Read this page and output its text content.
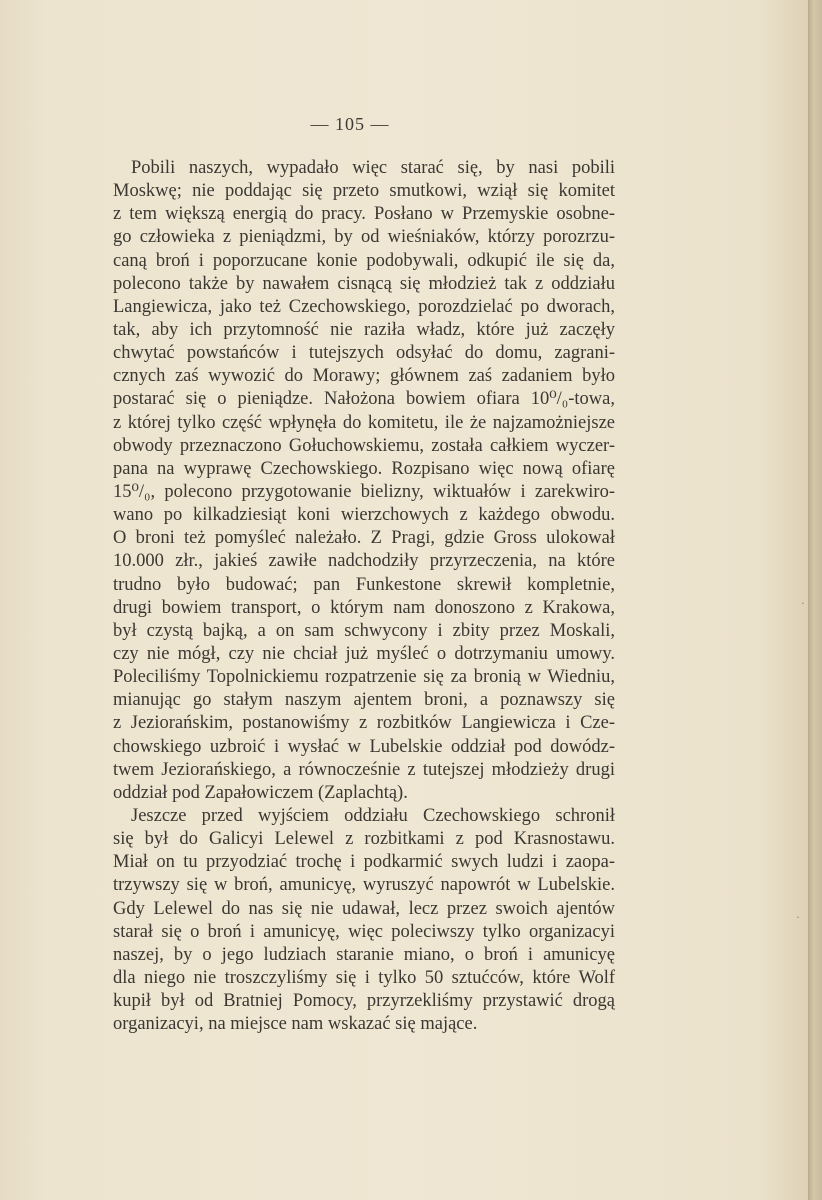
— 105 —
Pobili naszych, wypadało więc starać się, by nasi pobili
Moskwę; nie poddając się przeto smutkowi, wziął się komitet
z tem większą energią do pracy. Posłano w Przemyskie osobne-
go człowieka z pieniądzmi, by od wieśniaków, którzy porozrzu-
caną broń i poporzucane konie podobywali, odkupić ile się da,
polecono także by nawałem cisnącą się młodzież tak z oddziału
Langiewicza, jako też Czechowskiego, porozdzielać po dworach,
tak, aby ich przytomność nie raziła władz, które już zaczęły
chwytać powstańców i tutejszych odsyłać do domu, zagrani-
cznych zaś wywozić do Morawy; głównem zaś zadaniem było
postarać się o pieniądze. Nałożona bowiem ofiara 10⁰/₀-towa,
z której tylko część wpłynęła do komitetu, ile że najzamożniejsze
obwody przeznaczono Gołuchowskiemu, została całkiem wyczer-
pana na wyprawę Czechowskiego. Rozpisano więc nową ofiarę
15⁰/₀, polecono przygotowanie bielizny, wiktuałów i zarekwiro-
wano po kilkadziesiąt koni wierzchowych z każdego obwodu.
O broni też pomyśleć należało. Z Pragi, gdzie Gross ulokował
10.000 złr., jakieś zawiłe nadchodziły przyrzeczenia, na które
trudno było budować; pan Funkestone skrewił kompletnie,
drugi bowiem transport, o którym nam donoszono z Krakowa,
był czystą bajką, a on sam schwycony i zbity przez Moskali,
czy nie mógł, czy nie chciał już myśleć o dotrzymaniu umowy.
Poleciliśmy Topolnickiemu rozpatrzenie się za bronią w Wiedniu,
mianując go stałym naszym ajentem broni, a poznawszy się
z Jeziorańskim, postanowiśmy z rozbitków Langiewicza i Cze-
chowskiego uzbroić i wysłać w Lubelskie oddział pod dowódz-
twem Jeziorańskiego, a równocześnie z tutejszej młodzieży drugi
oddział pod Zapałowiczem (Zaplachtą).
Jeszcze przed wyjściem oddziału Czechowskiego schronił
się był do Galicyi Lelewel z rozbitkami z pod Krasnostawu.
Miał on tu przyodziać trochę i podkarmić swych ludzi i zaopa-
trzywszy się w broń, amunicyę, wyruszyć napowrót w Lubelskie.
Gdy Lelewel do nas się nie udawał, lecz przez swoich ajentów
starał się o broń i amunicyę, więc poleciwszy tylko organizacyi
naszej, by o jego ludziach staranie miano, o broń i amunicyę
dla niego nie troszczyliśmy się i tylko 50 sztućców, które Wolf
kupił był od Bratniej Pomocy, przyrzekliśmy przystawić drogą
organizacyi, na miejsce nam wskazać się mające.
·
·
